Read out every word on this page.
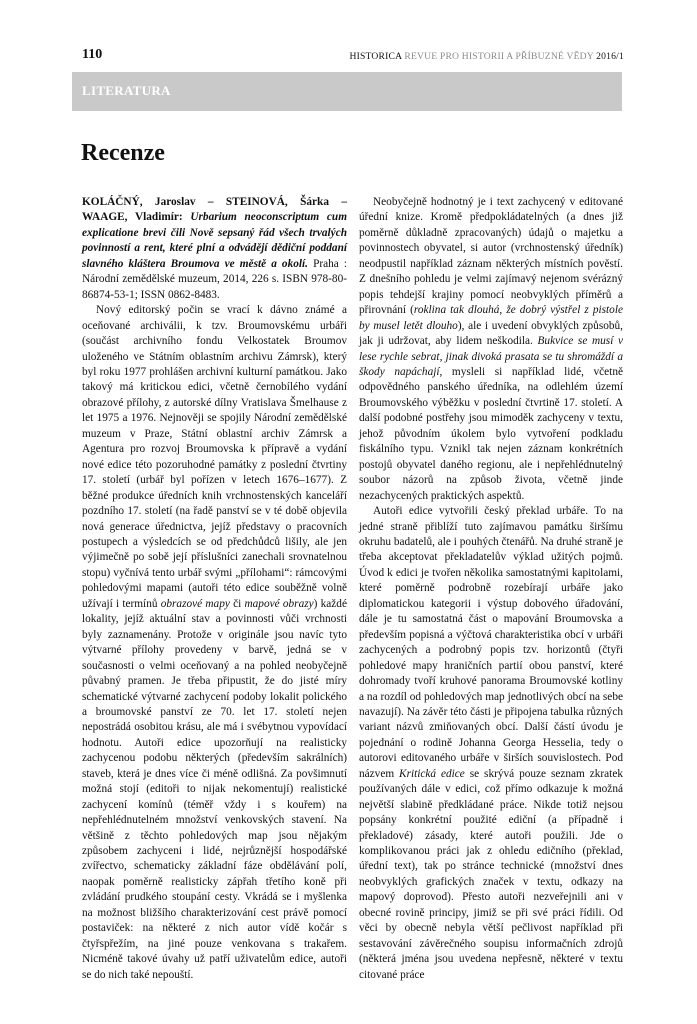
110	HISTORICA REVUE PRO HISTORII A PŘÍBUZNÉ VĚDY 2016/1
LITERATURA
Recenze

KOLÁČNÝ, Jaroslav – STEINOVÁ, Šárka – WAAGE, Vladimír: Urbarium neoconscriptum cum explicatione brevi čili Nově sepsaný řád všech trvalých povinností a rent, které plní a odvádějí dědiční poddaní slavného kláštera Broumova ve městě a okolí. Praha : Národní zemědělské muzeum, 2014, 226 s. ISBN 978-80-86874-53-1; ISSN 0862-8483.

Nový editorský počin se vrací k dávno známé a oceňované archiválii, k tzv. Broumovskému urbáři (součást archivního fondu Velkostatek Broumov uloženého ve Státním oblastním archivu Zámrsk), který byl roku 1977 prohlášen archivní kulturní památkou. Jako takový má kritickou edici, včetně černobílého vydání obrazové přílohy, z autorské dílny Vratislava Šmelhause z let 1975 a 1976. Nejnověji se spojily Národní zemědělské muzeum v Praze, Státní oblastní archiv Zámrsk a Agentura pro rozvoj Broumovska k přípravě a vydání nové edice této pozoruhodné památky z poslední čtvrtiny 17. století (urbář byl pořízen v letech 1676–1677). Z běžné produkce úředních knih vrchnostenských kanceláří pozdního 17. století (na řadě panství se v té době objevila nová generace úřednictva, jejíž představy o pracovních postupech a výsledcích se od předchůdců lišily, ale jen výjimečně po sobě její příslušníci zanechali srovnatelnou stopu) vyčnívá tento urbář svými „přílohami“: rámcovými pohledovými mapami (autoři této edice souběžně volně užívají i termínů obrazové mapy či mapové obrazy) každé lokality, jejíž aktuální stav a povinnosti vůči vrchnosti byly zaznamenány. Protože v originále jsou navíc tyto výtvarné přílohy provedeny v barvě, jedná se v současnosti o velmi oceňovaný a na pohled neobyčejně půvabný pramen. Je třeba připustit, že do jisté míry schematické výtvarné zachycení podoby lokalit polického a broumovské panství ze 70. let 17. století nejen nepostrádá osobitou krásu, ale má i svébytnou vypovídací hodnotu. Autoři edice upozorňují na realisticky zachycenou podobu některých (především sakrálních) staveb, která je dnes více či méně odlišná. Za povšimnutí možná stojí (editoři to nijak nekomentují) realistické zachycení komínů (téměř vždy i s kouřem) na nepřehlédnutelném množství venkovských stavení. Na většině z těchto pohledových map jsou nějakým způsobem zachyceni i lidé, nejrůznější hospodářské zvířectvo, schematicky základní fáze obdělávání polí, naopak poměrně realisticky zápřah třetího koně při zvládání prudkého stoupání cesty. Vkrádá se i myšlenka na možnost bližšího charakterizování cest právě pomocí postaviček: na některé z nich autor vídě kočár s čtyřspřežím, na jiné pouze venkovana s trakařem. Nicméně takové úvahy už patří uživatelům edice, autoři se do nich také nepouští.

Neobyčejně hodnotný je i text zachycený v editované úřední knize. Kromě předpokládatelných (a dnes již poměrně důkladně zpracovaných) údajů o majetku a povinnostech obyvatel, si autor (vrchnostenský úředník) neodpustil například záznam některých místních pověstí. Z dnešního pohledu je velmi zajímavý nejenom svérázný popis tehdejší krajiny pomocí neobvyklých příměrů a přirovnání (roklina tak dlouhá, že dobrý výstřel z pistole by musel letět dlouho), ale i uvedení obvyklých způsobů, jak ji udržovat, aby lidem neškodila. Bukvice se musí v lese rychle sebrat, jinak divoká prasata se tu shromáždí a škody napáchají, mysleli si například lidé, včetně odpovědného panského úředníka, na odlehlém území Broumovského výběžku v poslední čtvrtině 17. století. A další podobné postřehy jsou mimoděk zachyceny v textu, jehož původním úkolem bylo vytvoření podkladu fiskálního typu. Vznikl tak nejen záznam konkrétních postojů obyvatel daného regionu, ale i nepřehlédnutelný soubor názorů na způsob života, včetně jinde nezachycených praktických aspektů.

Autoři edice vytvořili český překlad urbáře. To na jedné straně přiblíží tuto zajímavou památku širšímu okruhu badatelů, ale i pouhých čtenářů. Na druhé straně je třeba akceptovat překladatelův výklad užitých pojmů. Úvod k edici je tvořen několika samostatnými kapitolami, které poměrně podrobně rozebírají urbáře jako diplomatickou kategorii i výstup dobového úřadování, dále je tu samostatná část o mapování Broumovska a především popisná a výčtová charakteristika obcí v urbáři zachycených a podrobný popis tzv. horizontů (čtyři pohledové mapy hraničních partií obou panství, které dohromady tvoří kruhové panorama Broumovské kotliny a na rozdíl od pohledových map jednotlivých obcí na sebe navazují). Na závěr této části je připojena tabulka různých variant názvů zmiňovaných obcí. Další částí úvodu je pojednání o rodině Johanna Georga Hesselia, tedy o autorovi editovaného urbáře v širších souvislostech. Pod názvem Kritická edice se skrývá pouze seznam zkratek používaných dále v edici, což přímo odkazuje k možná největší slabině předkládané práce. Nikde totiž nejsou popsány konkrétní použité ediční (a případně i překladové) zásady, které autoři použili. Jde o komplikovanou práci jak z ohledu edičního (překlad, úřední text), tak po stránce technické (množství dnes neobvyklých grafických značek v textu, odkazy na mapový doprovod). Přesto autoři nezveřejnili ani v obecné rovině principy, jimiž se při své práci řídili. Od věci by obecně nebyla větší pečlivost například při sestavování závěrečného soupisu informačních zdrojů (některá jména jsou uvedena nepřesně, některé v textu citované práce
